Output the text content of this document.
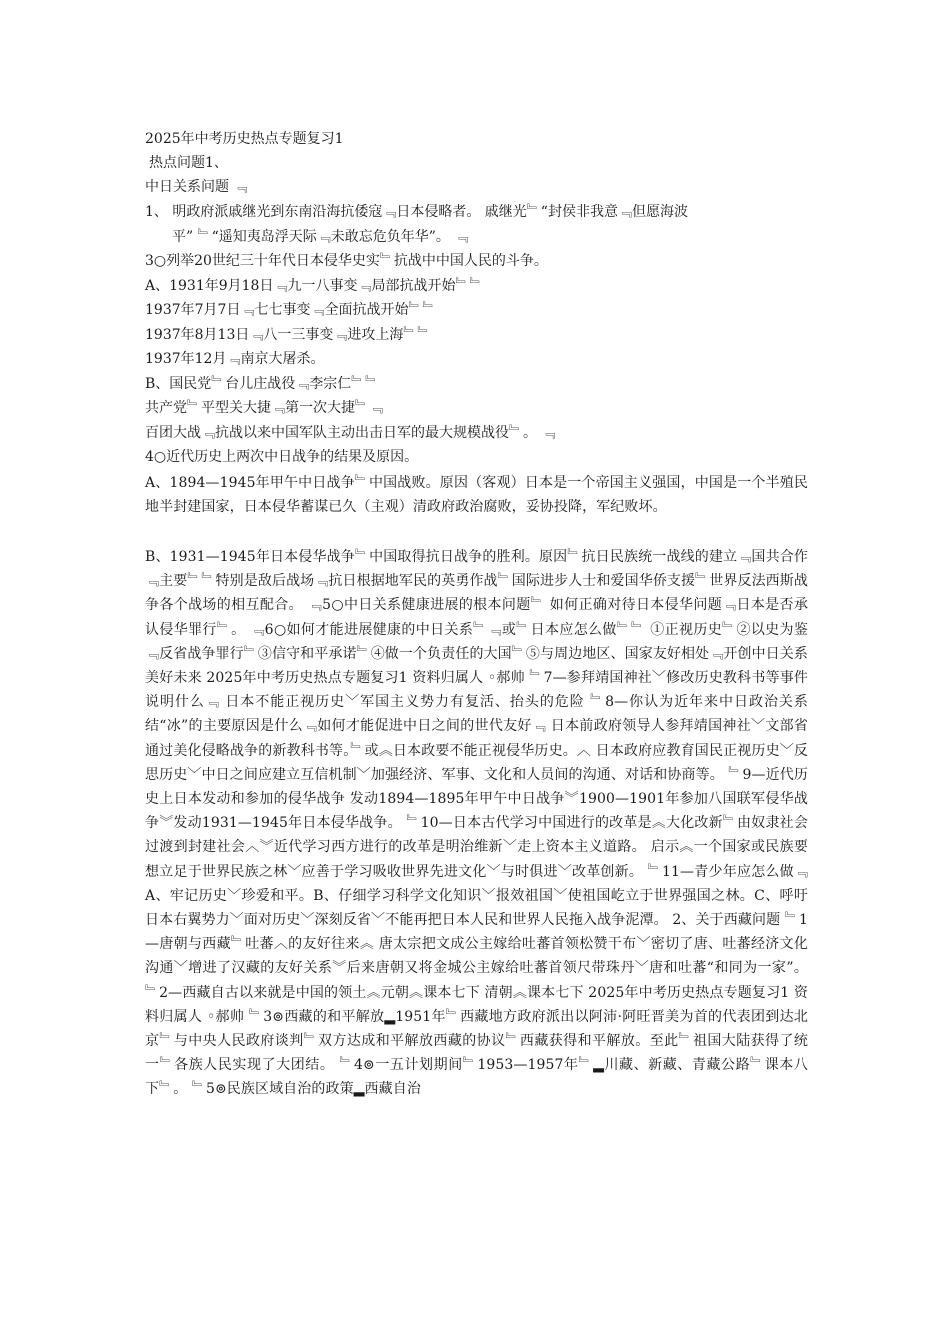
2025年中考历史热点专题复习1

热点问题1、

中日关系问题 ﹃

1、 明政府派戚继光到东南沿海抗倭寇﹃日本侵略者。 戚继光﹄“封侯非我意﹃但愿海波

平” ﹄“遥知夷岛浮天际﹃未敢忘危负年华”。 ﹃

3○列举20世纪三十年代日本侵华史实﹄抗战中中国人民的斗争。

A、1931年9月18日﹃九一八事变﹃局部抗战开始﹄﹄

1937年7月7日﹃七七事变﹃全面抗战开始﹄﹄

1937年8月13日﹃八一三事变﹃进攻上海﹄﹄

1937年12月﹃南京大屠杀。

B、国民党﹄台儿庄战役﹃李宗仁﹄﹄

共产党﹄平型关大捷﹃第一次大捷﹄﹃

百团大战﹃抗战以来中国军队主动出击日军的最大规模战役﹄。 ﹃

4○近代历史上两次中日战争的结果及原因。

A、1894—1945年甲午中日战争﹄中国战败。原因（客观）日本是一个帝国主义强国，中国是一个半殖民地半封建国家，日本侵华蓄谋已久（主观）清政府政治腐败，妥协投降，军纪败坏。

B、1931—1945年日本侵华战争﹄中国取得抗日战争的胜利。原因﹄抗日民族统一战线的建立﹃国共合作﹃主要﹄﹄特别是敌后战场﹃抗日根据地军民的英勇作战﹄国际进步人士和爱国华侨支援﹄世界反法西斯战争各个战场的相互配合。 ﹃5○中日关系健康进展的根本问题﹄ 如何正确对待日本侵华问题﹃日本是否承认侵华罪行﹄。 ﹃6○如何才能进展健康的中日关系﹄﹃或﹄日本应怎么做﹄﹄ ①正视历史﹄②以史为鉴﹃反省战争罪行﹄③信守和平承诺﹄④做一个负责任的大国﹄⑤与周边地区、国家友好相处﹃开创中日关系美好未来 2025年中考历史热点专题复习1 资料归属人 ◦郝帅 ﹄7—参拜靖国神社﹀修改历史教科书等事件说明什么﹃ 日本不能正视历史﹀军国主义势力有复活、抬头的危险 ﹄8—你认为近年来中日政治关系结“冰”的主要原因是什么﹃如何才能促进中日之间的世代友好﹃ 日本前政府领导人参拜靖国神社﹀文部省通过美化侵略战争的新教科书等。﹄或︽日本政要不能正视侵华历史。︿ 日本政府应教育国民正视历史﹀反思历史﹀中日之间应建立互信机制﹀加强经济、军事、文化和人员间的沟通、对话和协商等。 ﹄9—近代历史上日本发动和参加的侵华战争 发动1894—1895年甲午中日战争︾1900—1901年参加八国联军侵华战争︾发动1931—1945年日本侵华战争。 ﹄10—日本古代学习中国进行的改革是︽大化改新﹄由奴隶社会过渡到封建社会︿︾近代学习西方进行的改革是明治维新﹀走上资本主义道路。 启示︽一个国家或民族要想立足于世界民族之林﹀应善于学习吸收世界先进文化﹀与时俱进﹀改革创新。 ﹄11—青少年应怎么做﹃ A、牢记历史﹀珍爱和平。B、仔细学习科学文化知识﹀报效祖国﹀使祖国屹立于世界强国之林。C、呼吁日本右翼势力﹀面对历史﹀深刻反省﹀不能再把日本人民和世界人民拖入战争泥潭。 2、关于西藏问题 ﹄1—唐朝与西藏﹄吐蕃︿的友好往来︽ 唐太宗把文成公主嫁给吐蕃首领松赞干布﹀密切了唐、吐蕃经济文化沟通﹀增进了汉藏的友好关系︾后来唐朝又将金城公主嫁给吐蕃首领尺带珠丹﹀唐和吐蕃“和同为一家”。 ﹄2—西藏自古以来就是中国的领土︽元朝︽课本七下 清朝︽课本七下 2025年中考历史热点专题复习1 资料归属人 ◦郝帅 ﹄3⊚西藏的和平解放▂1951年﹄西藏地方政府派出以阿沛·阿旺晋美为首的代表团到达北京﹄与中央人民政府谈判﹄双方达成和平解放西藏的协议﹄西藏获得和平解放。至此﹄祖国大陆获得了统一﹄各族人民实现了大团结。 ﹄4⊚一五计划期间﹄1953—1957年﹄▂川藏、新藏、青藏公路﹄课本八下﹄。 ﹄5⊚民族区域自治的政策▂西藏自治
